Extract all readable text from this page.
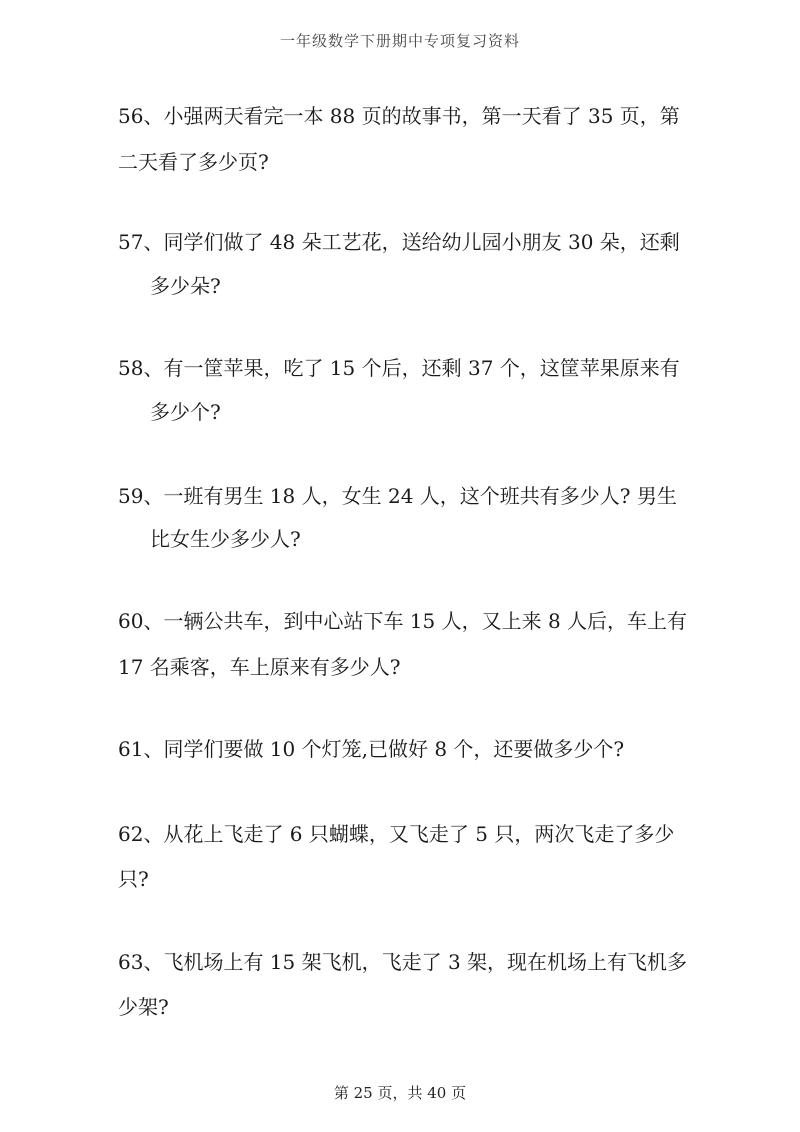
一年级数学下册期中专项复习资料
56、小强两天看完一本 88 页的故事书，第一天看了 35 页，第
二天看了多少页?
57、同学们做了 48 朵工艺花，送给幼儿园小朋友 30 朵，还剩
多少朵?
58、有一筐苹果，吃了 15 个后，还剩 37 个，这筐苹果原来有
多少个?
59、一班有男生 18 人，女生 24 人，这个班共有多少人? 男生
比女生少多少人?
60、一辆公共车，到中心站下车 15 人，又上来 8 人后，车上有
17 名乘客，车上原来有多少人?
61、同学们要做 10 个灯笼,已做好 8 个，还要做多少个?
62、从花上飞走了 6 只蝴蝶，又飞走了 5 只，两次飞走了多少
只?
63、飞机场上有 15 架飞机，飞走了 3 架，现在机场上有飞机多
少架?
第 25 页，共 40 页
